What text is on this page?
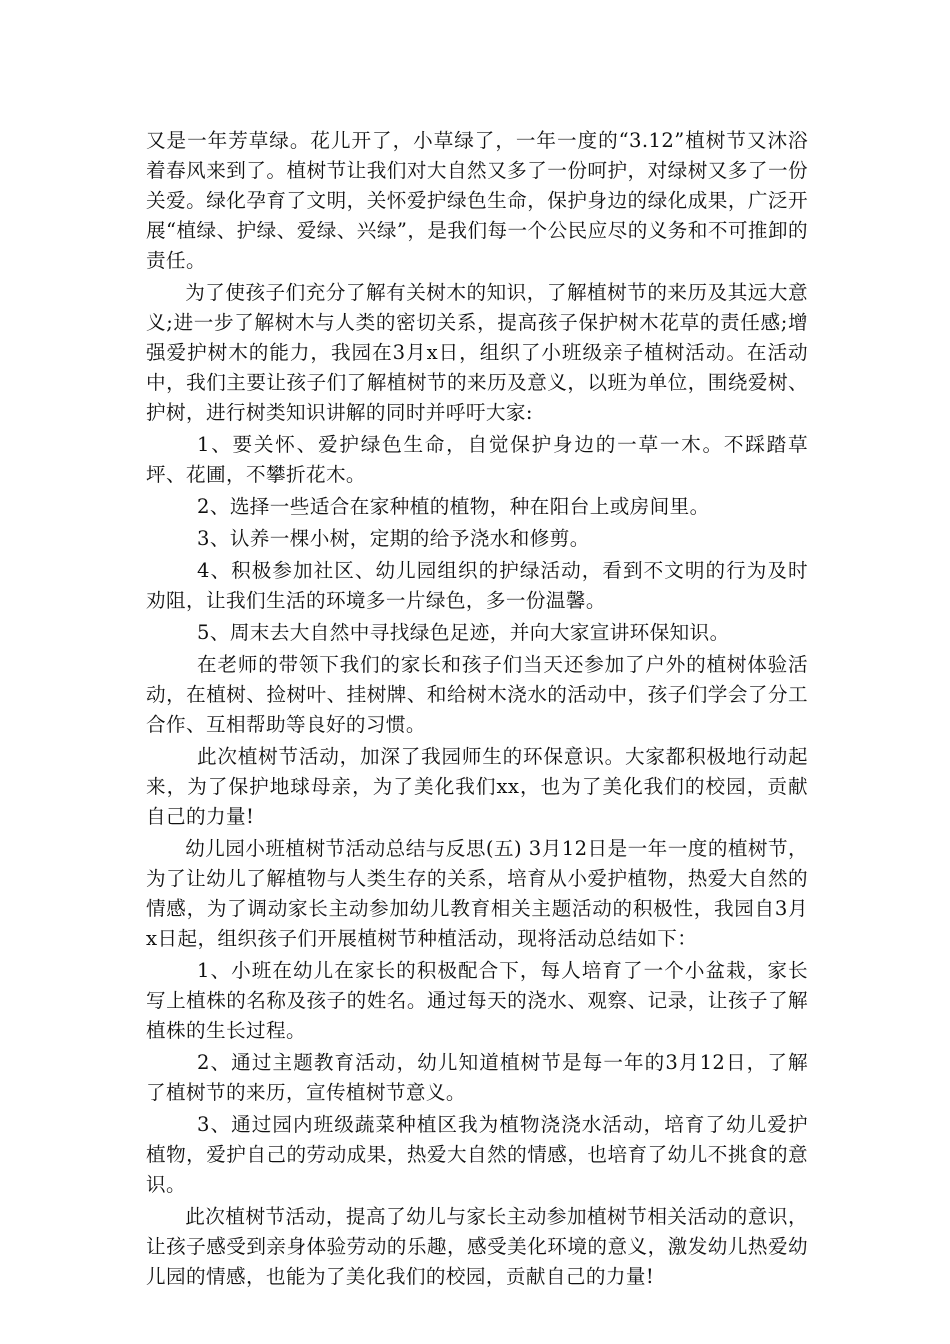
又是一年芳草绿。花儿开了，小草绿了，一年一度的“3.12”植树节又沐浴着春风来到了。植树节让我们对大自然又多了一份呵护，对绿树又多了一份关爱。绿化孕育了文明，关怀爱护绿色生命，保护身边的绿化成果，广泛开展“植绿、护绿、爱绿、兴绿”，是我们每一个公民应尽的义务和不可推卸的责任。

为了使孩子们充分了解有关树木的知识，了解植树节的来历及其远大意义;进一步了解树木与人类的密切关系，提高孩子保护树木花草的责任感;增强爱护树木的能力，我园在3月x日，组织了小班级亲子植树活动。在活动中，我们主要让孩子们了解植树节的来历及意义，以班为单位，围绕爱树、护树，进行树类知识讲解的同时并呼吁大家:

1、要关怀、爱护绿色生命，自觉保护身边的一草一木。不踩踏草坪、花圃，不攀折花木。

2、选择一些适合在家种植的植物，种在阳台上或房间里。

3、认养一棵小树，定期的给予浇水和修剪。

4、积极参加社区、幼儿园组织的护绿活动，看到不文明的行为及时劝阻，让我们生活的环境多一片绿色，多一份温馨。

5、周末去大自然中寻找绿色足迹，并向大家宣讲环保知识。

在老师的带领下我们的家长和孩子们当天还参加了户外的植树体验活动，在植树、捡树叶、挂树牌、和给树木浇水的活动中，孩子们学会了分工合作、互相帮助等良好的习惯。

此次植树节活动，加深了我园师生的环保意识。大家都积极地行动起来，为了保护地球母亲，为了美化我们xx，也为了美化我们的校园，贡献自己的力量!

幼儿园小班植树节活动总结与反思(五) 3月12日是一年一度的植树节，为了让幼儿了解植物与人类生存的关系，培育从小爱护植物，热爱大自然的情感，为了调动家长主动参加幼儿教育相关主题活动的积极性，我园自3月x日起，组织孩子们开展植树节种植活动，现将活动总结如下：

1、小班在幼儿在家长的积极配合下，每人培育了一个小盆栽，家长写上植株的名称及孩子的姓名。通过每天的浇水、观察、记录，让孩子了解植株的生长过程。

2、通过主题教育活动，幼儿知道植树节是每一年的3月12日，了解了植树节的来历，宣传植树节意义。

3、通过园内班级蔬菜种植区我为植物浇浇水活动，培育了幼儿爱护植物，爱护自己的劳动成果，热爱大自然的情感，也培育了幼儿不挑食的意识。

此次植树节活动，提高了幼儿与家长主动参加植树节相关活动的意识，让孩子感受到亲身体验劳动的乐趣，感受美化环境的意义，激发幼儿热爱幼儿园的情感，也能为了美化我们的校园，贡献自己的力量!
